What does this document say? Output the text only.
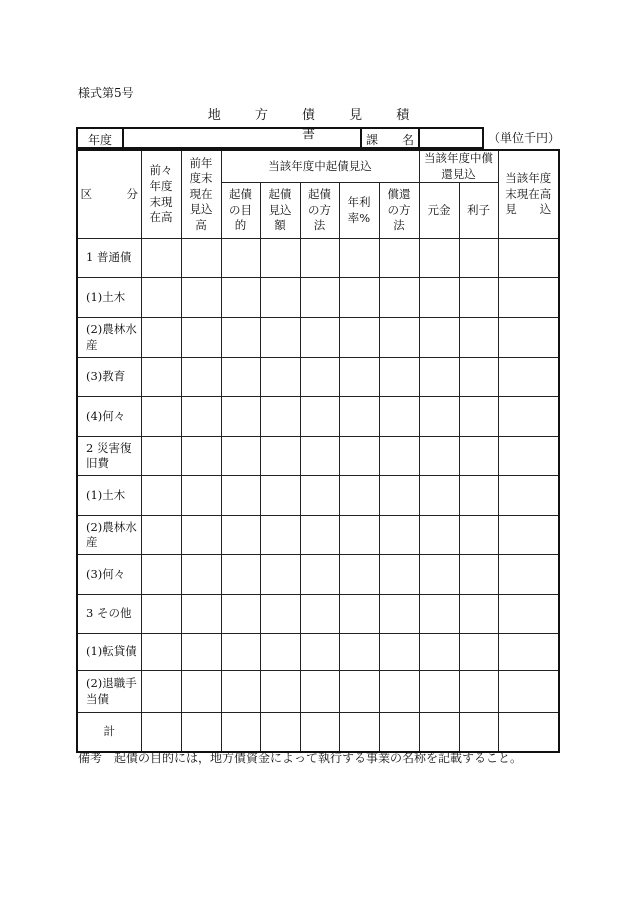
様式第5号
地 方 債 見 積 書
年度	課　　名	（単位千円）
区　　　分	前々年度末現在高	前年度末現在見込高	当該年度中起債見込					当該年度中償還見込		当該年度末現在高見　　込
			起債の目的	起債見込額	起債の方法	年利率%	償還の方法	元金	利子	
1 普通債										
(1)土木										
(2)農林水産										
(3)教育										
(4)何々										
2 災害復旧費										
(1)土木										
(2)農林水産										
(3)何々										
3 その他										
(1)転貸債										
(2)退職手当債										
計										
備考　起債の目的には，地方債資金によって執行する事業の名称を記載すること。
